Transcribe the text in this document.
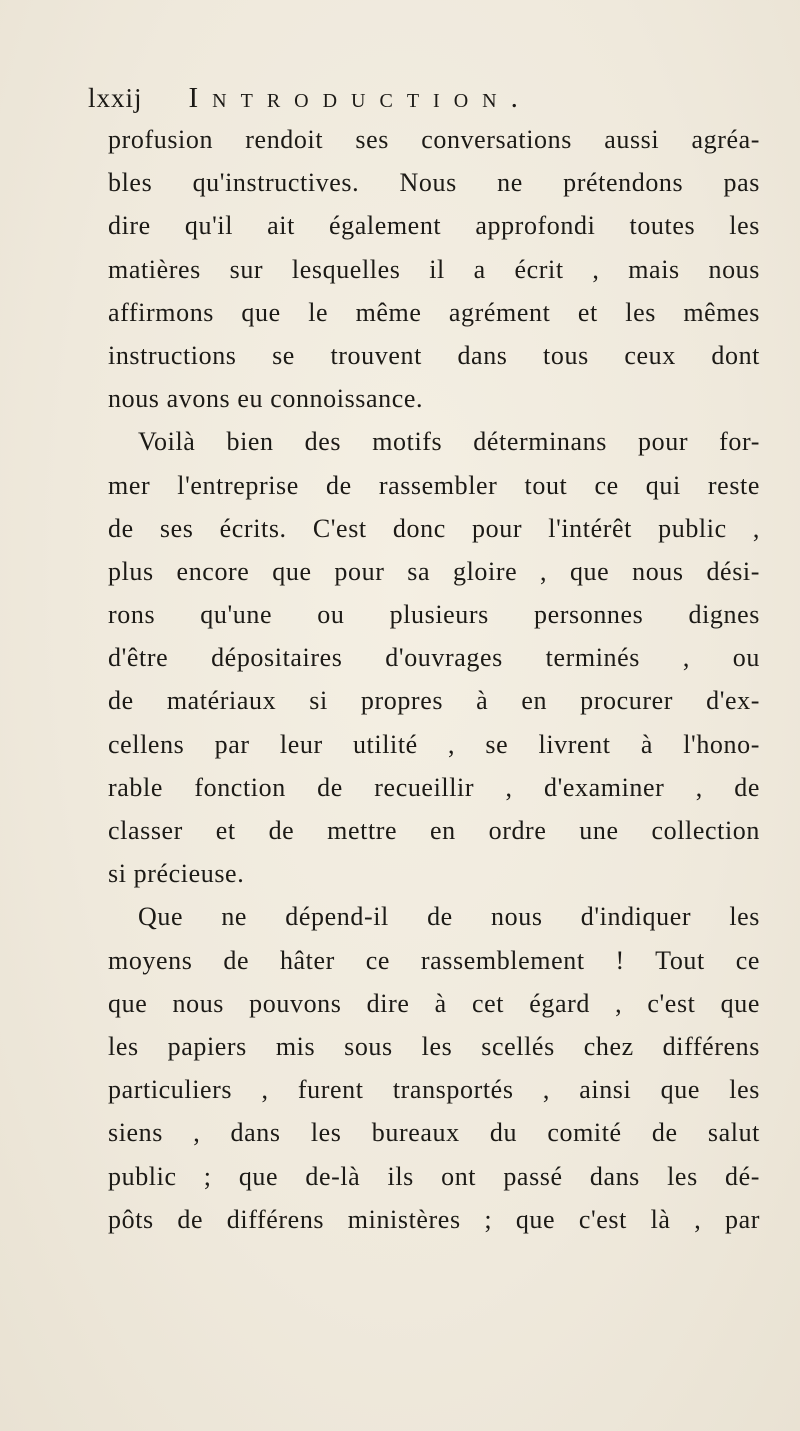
lxxij Introduction.
profusion rendoit ses conversations aussi agréa-
bles qu'instructives. Nous ne prétendons pas
dire qu'il ait également approfondi toutes les
matières sur lesquelles il a écrit , mais nous
affirmons que le même agrément et les mêmes
instructions se trouvent dans tous ceux dont
nous avons eu connoissance.
Voilà bien des motifs déterminans pour for-
mer l'entreprise de rassembler tout ce qui reste
de ses écrits. C'est donc pour l'intérêt public ,
plus encore que pour sa gloire , que nous dési-
rons qu'une ou plusieurs personnes dignes
d'être dépositaires d'ouvrages terminés , ou
de matériaux si propres à en procurer d'ex-
cellens par leur utilité , se livrent à l'hono-
rable fonction de recueillir , d'examiner , de
classer et de mettre en ordre une collection
si précieuse.
Que ne dépend-il de nous d'indiquer les
moyens de hâter ce rassemblement ! Tout ce
que nous pouvons dire à cet égard , c'est que
les papiers mis sous les scellés chez différens
particuliers , furent transportés , ainsi que les
siens , dans les bureaux du comité de salut
public ; que de-là ils ont passé dans les dé-
pôts de différens ministères ; que c'est là , par
